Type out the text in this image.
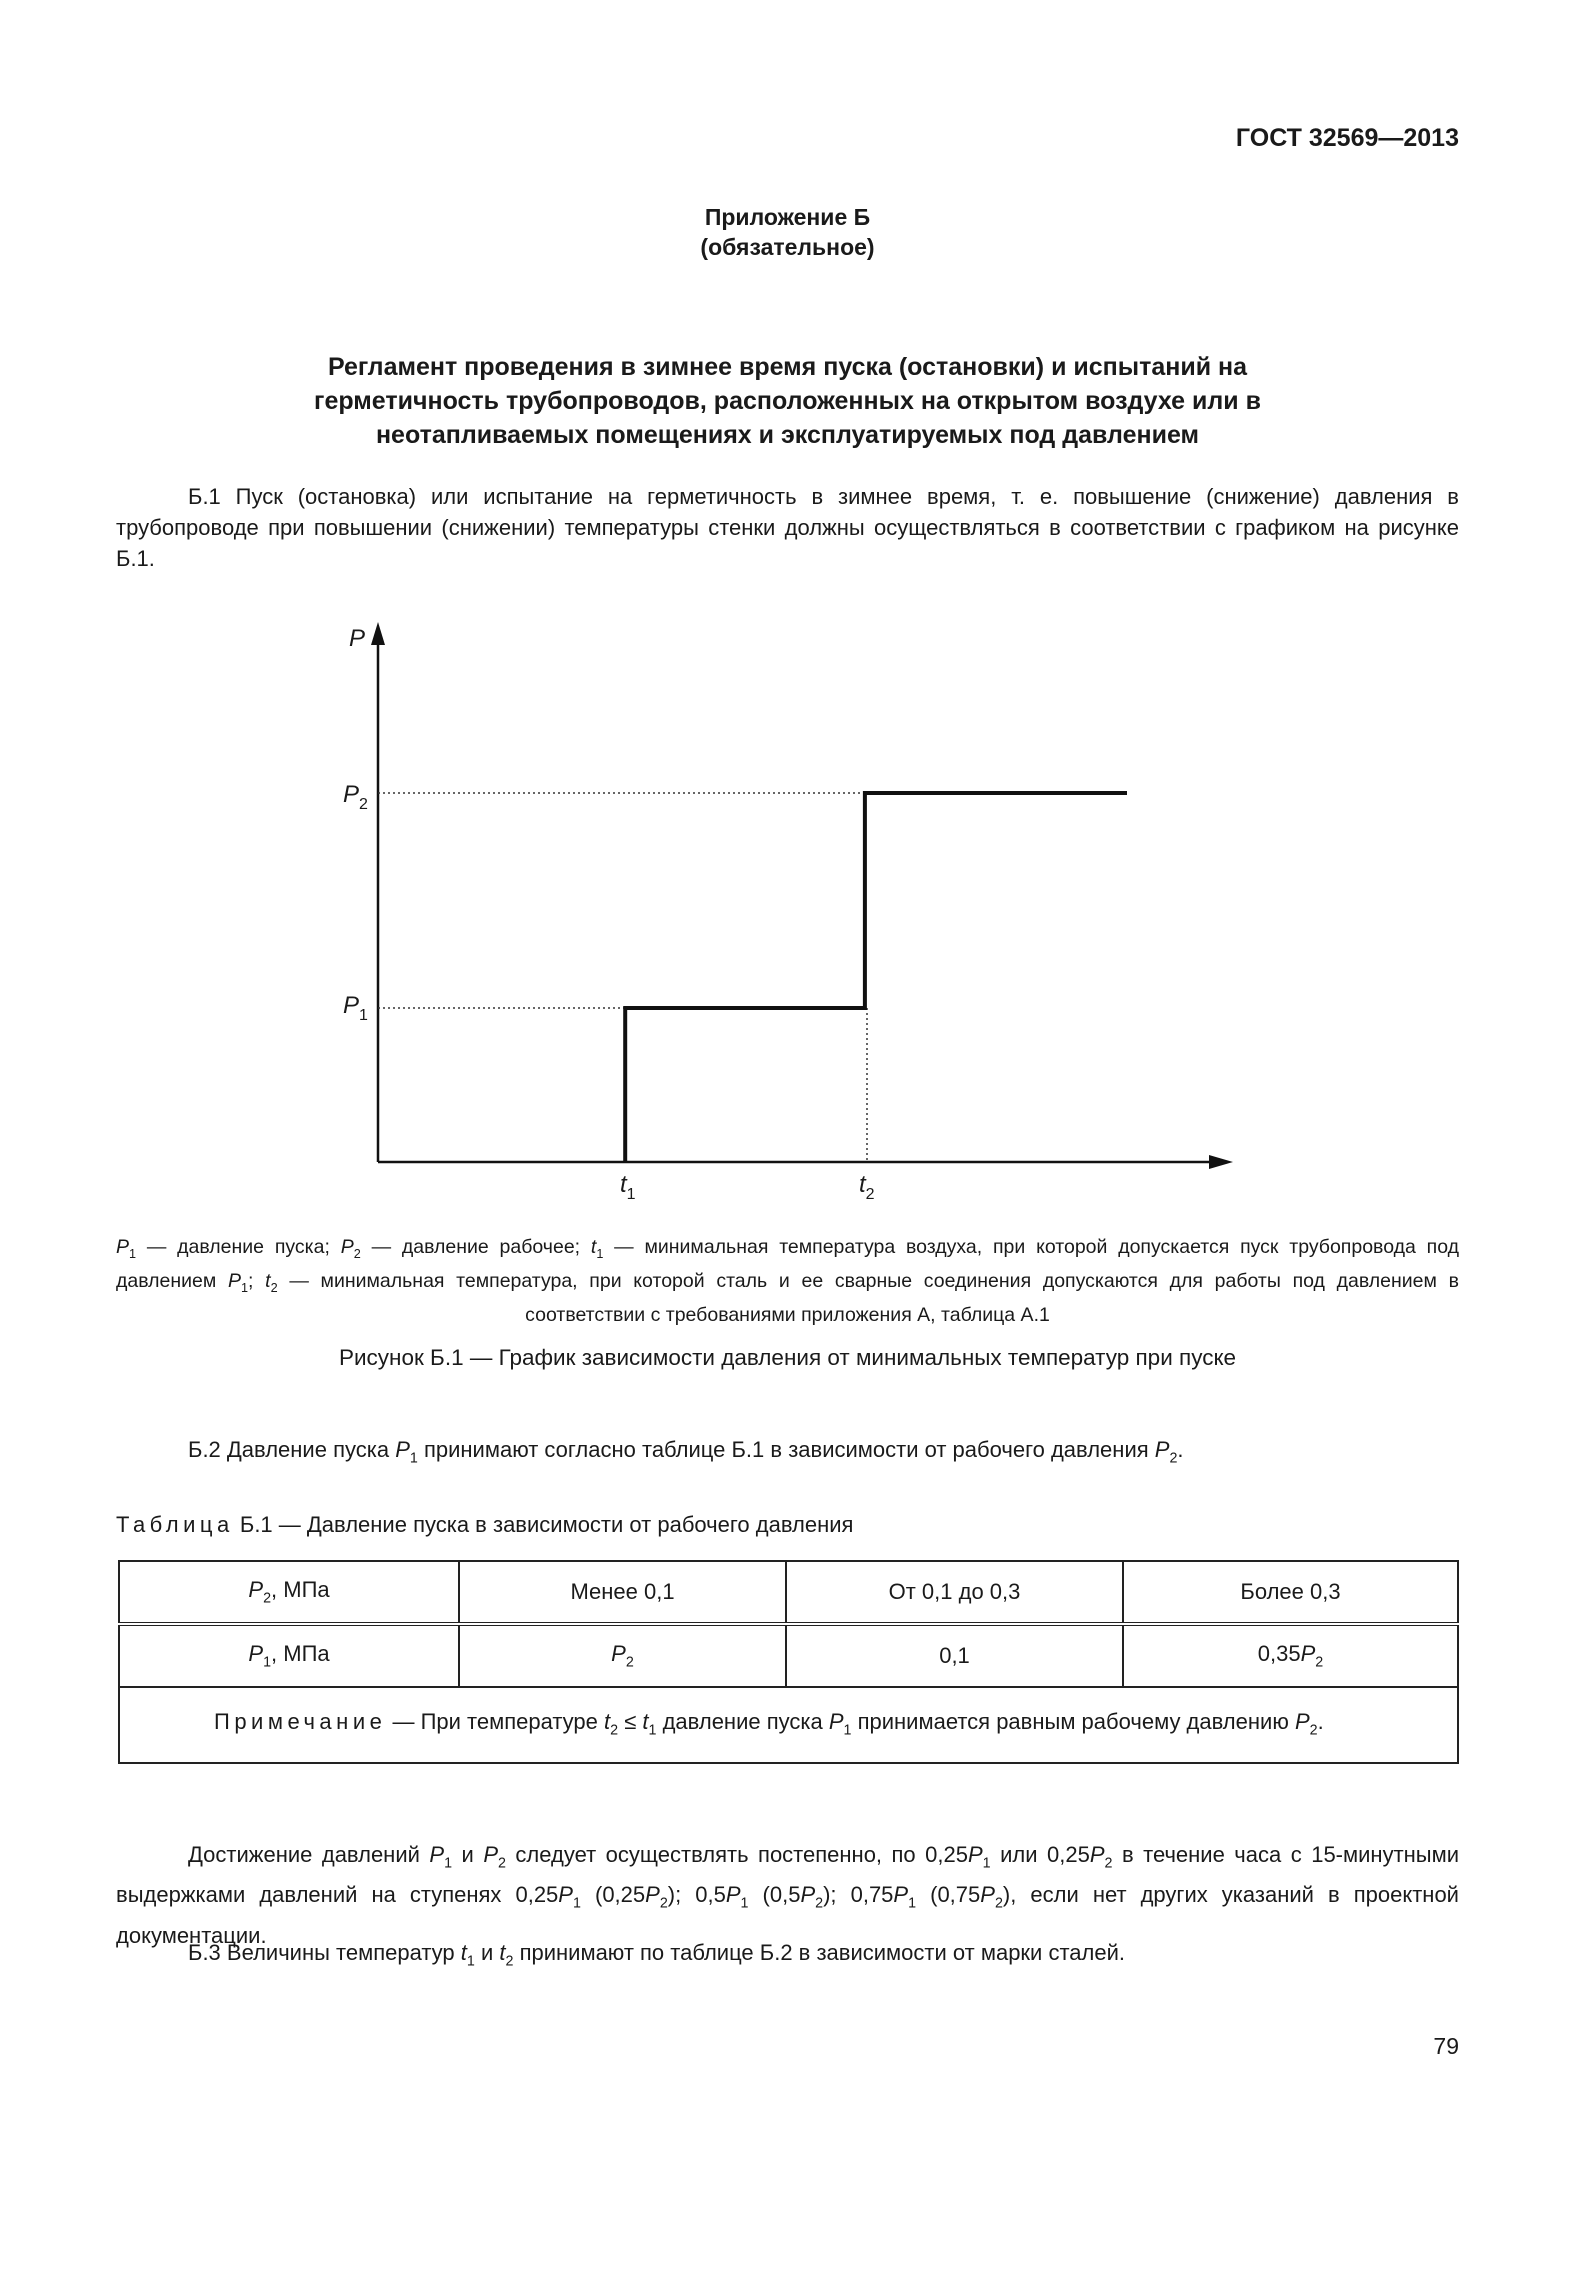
ГОСТ 32569—2013
Приложение Б
(обязательное)
Регламент проведения в зимнее время пуска (остановки) и испытаний на
герметичность трубопроводов, расположенных на открытом воздухе или в
неотапливаемых помещениях и эксплуатируемых под давлением
Б.1 Пуск (остановка) или испытание на герметичность в зимнее время, т. е. повышение (снижение) давления в трубопроводе при повышении (снижении) температуры стенки должны осуществляться в соответствии с графиком на рисунке Б.1.
P
$P_2$
$P_1$
$t_1$	$t_2$
$P_1$ — давление пуска; $P_2$ — давление рабочее; $t_1$ — минимальная температура воздуха, при которой допускается пуск трубопровода под давлением $P_1$; $t_2$ — минимальная температура, при которой сталь и ее сварные соединения допускаются для работы под давлением в соответствии с требованиями приложения А, таблица А.1
Рисунок Б.1 — График зависимости давления от минимальных температур при пуске
Б.2 Давление пуска $P_1$ принимают согласно таблице Б.1 в зависимости от рабочего давления $P_2$.
Таблица Б.1 — Давление пуска в зависимости от рабочего давления
$P_2$, МПа	Менее 0,1	От 0,1 до 0,3	Более 0,3
$P_1$, МПа	$P_2$	0,1	$0,35P_2$
Примечание — При температуре $t_2 \le t_1$ давление пуска $P_1$ принимается равным рабочему давлению $P_2$.			
Достижение давлений $P_1$ и $P_2$ следует осуществлять постепенно, по $0,25P_1$ или $0,25P_2$ в течение часа с 15-минутными выдержками давлений на ступенях $0,25P_1$ $(0,25P_2)$; $0,5P_1$ $(0,5P_2)$; $0,75P_1$ $(0,75P_2)$, если нет других указаний в проектной документации.
Б.3 Величины температур $t_1$ и $t_2$ принимают по таблице Б.2 в зависимости от марки сталей.
79
